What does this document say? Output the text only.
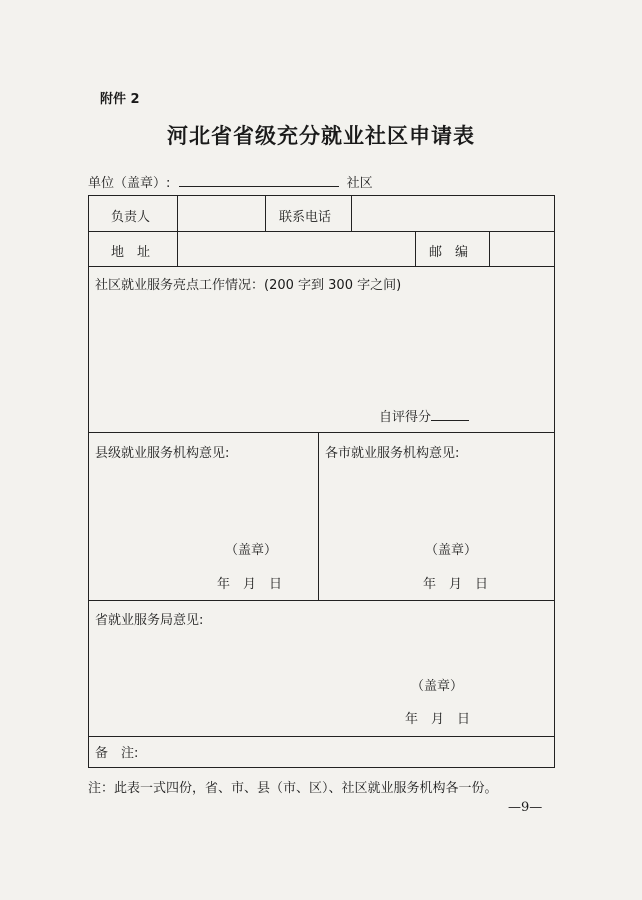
附件 2
河北省省级充分就业社区申请表
单位（盖章）:	社区
负责人	联系电话
地　址	邮　编
社区就业服务亮点工作情况：(200 字到 300 字之间)
自评得分
县级就业服务机构意见:
（盖章）
年　月　日
各市就业服务机构意见:
（盖章）
年　月　日
省就业服务局意见:
（盖章）
年　月　日
备　注:
注：此表一式四份，省、市、县（市、区）、社区就业服务机构各一份。
—9—
